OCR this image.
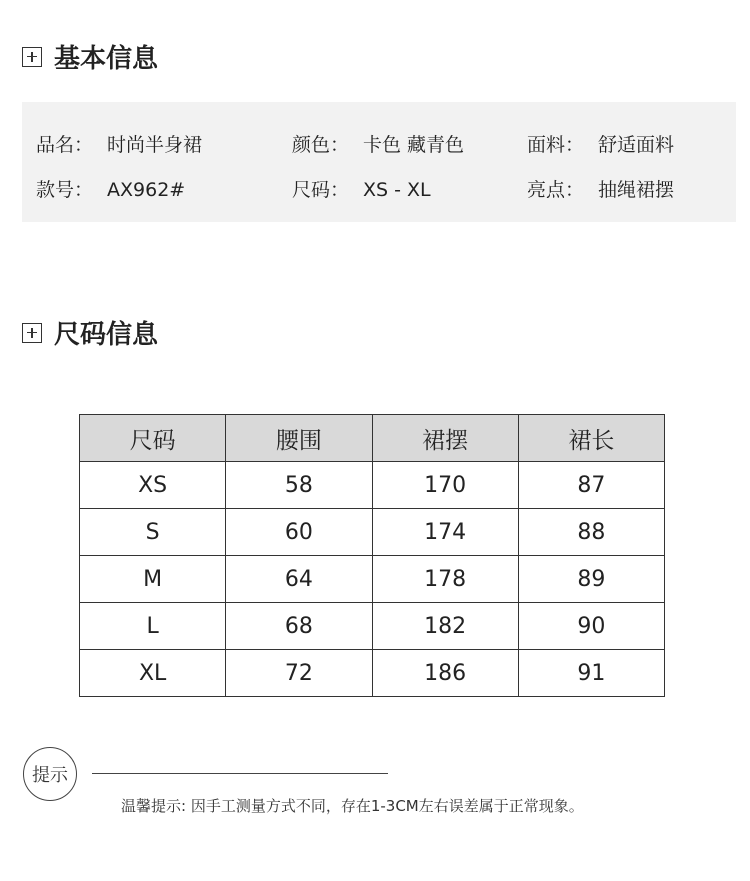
基本信息
品名： 时尚半身裙	颜色： 卡色 藏青色	面料： 舒适面料
款号： AX962#	尺码： XS - XL	亮点： 抽绳裙摆
尺码信息
尺码	腰围	裙摆	裙长
XS	58	170	87
S	60	174	88
M	64	178	89
L	68	182	90
XL	72	186	91
提示
温馨提示: 因手工测量方式不同，存在1-3CM左右误差属于正常现象。
